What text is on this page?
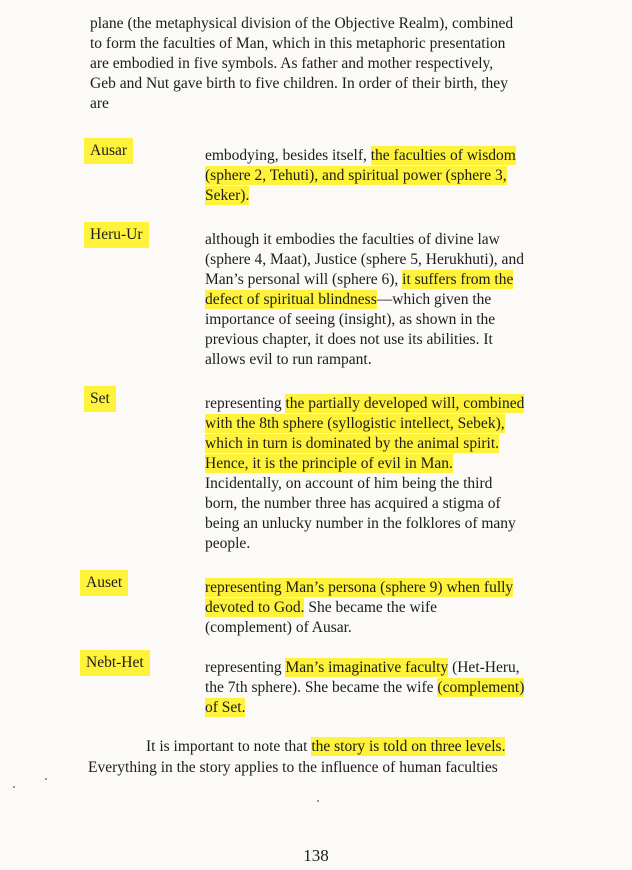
plane (the metaphysical division of the Objective Realm), combined
to form the faculties of Man, which in this metaphoric presentation
are embodied in five symbols. As father and mother respectively,
Geb and Nut gave birth to five children. In order of their birth, they
are
Ausar	embodying, besides itself, the faculties of wisdom
(sphere 2, Tehuti), and spiritual power (sphere 3,
Seker).
Heru-Ur	although it embodies the faculties of divine law
(sphere 4, Maat), Justice (sphere 5, Herukhuti), and
Man’s personal will (sphere 6), it suffers from the
defect of spiritual blindness—which given the
importance of seeing (insight), as shown in the
previous chapter, it does not use its abilities. It
allows evil to run rampant.
Set	representing the partially developed will, combined
with the 8th sphere (syllogistic intellect, Sebek),
which in turn is dominated by the animal spirit.
Hence, it is the principle of evil in Man.
Incidentally, on account of him being the third
born, the number three has acquired a stigma of
being an unlucky number in the folklores of many
people.
Auset	representing Man’s persona (sphere 9) when fully
devoted to God. She became the wife
(complement) of Ausar.
Nebt-Het	representing Man’s imaginative faculty (Het-Heru,
the 7th sphere). She became the wife (complement)
of Set.
It is important to note that the story is told on three levels.
Everything in the story applies to the influence of human faculties
138
